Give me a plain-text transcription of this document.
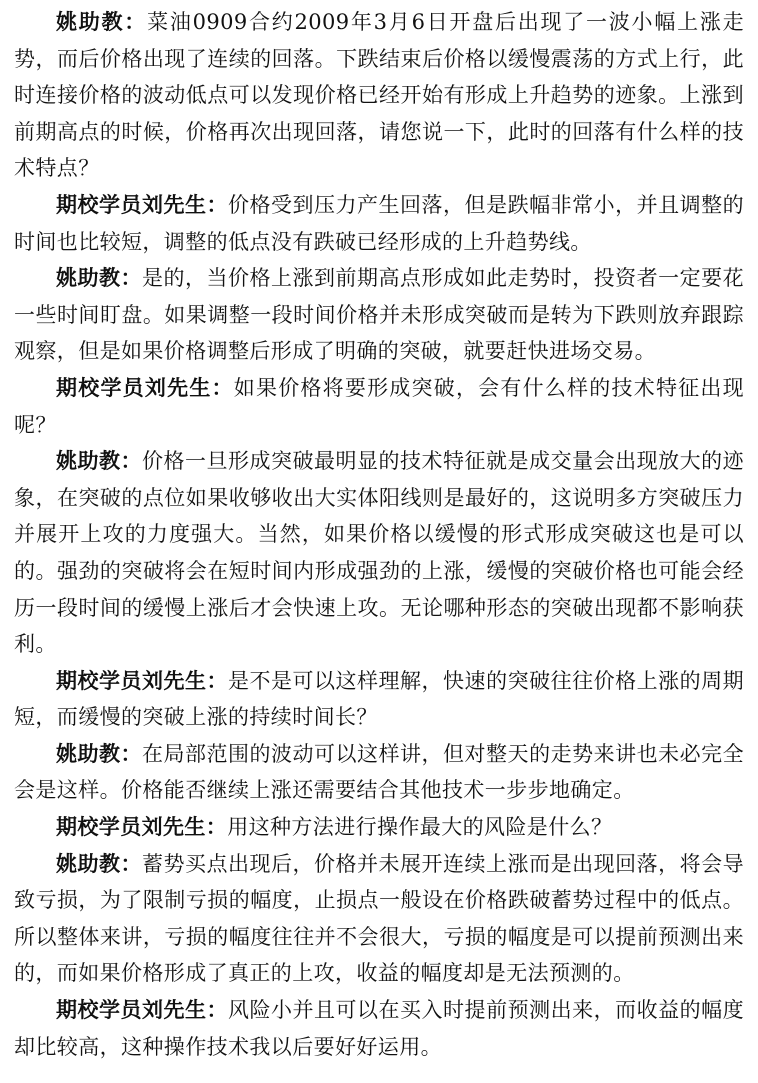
姚助教：菜油0909合约2009年3月6日开盘后出现了一波小幅上涨走势，而后价格出现了连续的回落。下跌结束后价格以缓慢震荡的方式上行，此时连接价格的波动低点可以发现价格已经开始有形成上升趋势的迹象。上涨到前期高点的时候，价格再次出现回落，请您说一下，此时的回落有什么样的技术特点？

期校学员刘先生：价格受到压力产生回落，但是跌幅非常小，并且调整的时间也比较短，调整的低点没有跌破已经形成的上升趋势线。

姚助教：是的，当价格上涨到前期高点形成如此走势时，投资者一定要花一些时间盯盘。如果调整一段时间价格并未形成突破而是转为下跌则放弃跟踪观察，但是如果价格调整后形成了明确的突破，就要赶快进场交易。

期校学员刘先生：如果价格将要形成突破，会有什么样的技术特征出现呢？

姚助教：价格一旦形成突破最明显的技术特征就是成交量会出现放大的迹象，在突破的点位如果收够收出大实体阳线则是最好的，这说明多方突破压力并展开上攻的力度强大。当然，如果价格以缓慢的形式形成突破这也是可以的。强劲的突破将会在短时间内形成强劲的上涨，缓慢的突破价格也可能会经历一段时间的缓慢上涨后才会快速上攻。无论哪种形态的突破出现都不影响获利。

期校学员刘先生：是不是可以这样理解，快速的突破往往价格上涨的周期短，而缓慢的突破上涨的持续时间长？

姚助教：在局部范围的波动可以这样讲，但对整天的走势来讲也未必完全会是这样。价格能否继续上涨还需要结合其他技术一步步地确定。

期校学员刘先生：用这种方法进行操作最大的风险是什么？

姚助教：蓄势买点出现后，价格并未展开连续上涨而是出现回落，将会导致亏损，为了限制亏损的幅度，止损点一般设在价格跌破蓄势过程中的低点。所以整体来讲，亏损的幅度往往并不会很大，亏损的幅度是可以提前预测出来的，而如果价格形成了真正的上攻，收益的幅度却是无法预测的。

期校学员刘先生：风险小并且可以在买入时提前预测出来，而收益的幅度却比较高，这种操作技术我以后要好好运用。
